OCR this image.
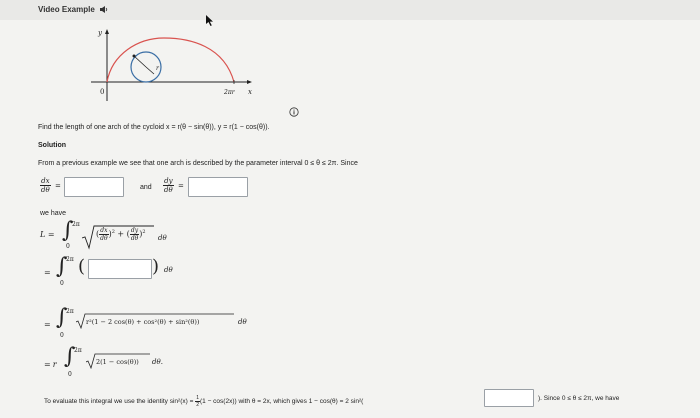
Video Example
y
x
0
r
2πr
Find the length of one arch of the cycloid x = r(θ − sin(θ)), y = r(1 − cos(θ)).
Solution
From a previous example we see that one arch is described by the parameter interval 0 ≤ θ ≤ 2π. Since
$\frac{dx}{d\theta}$ =	and $\frac{dy}{d\theta}$ =
we have
L = ∫
2π
0
( $\frac{dx}{d\theta} )^2$ + ( $\frac{dy}{d\theta} )^2$
dθ
= ∫
2π
0
(	) dθ
= ∫
2π
0
r²(1 − 2 cos(θ) + cos²(θ) + sin²(θ))	dθ
= r ∫
2π
0
2(1 − cos(θ)) dθ.
To evaluate this integral we use the identity $\sin^2(x) = \frac{1}{2} (1 - \cos(2x))$ with θ = 2x, which gives 1 − cos(θ) = 2 sin²(	). Since 0 ≤ θ ≤ 2π, we have
